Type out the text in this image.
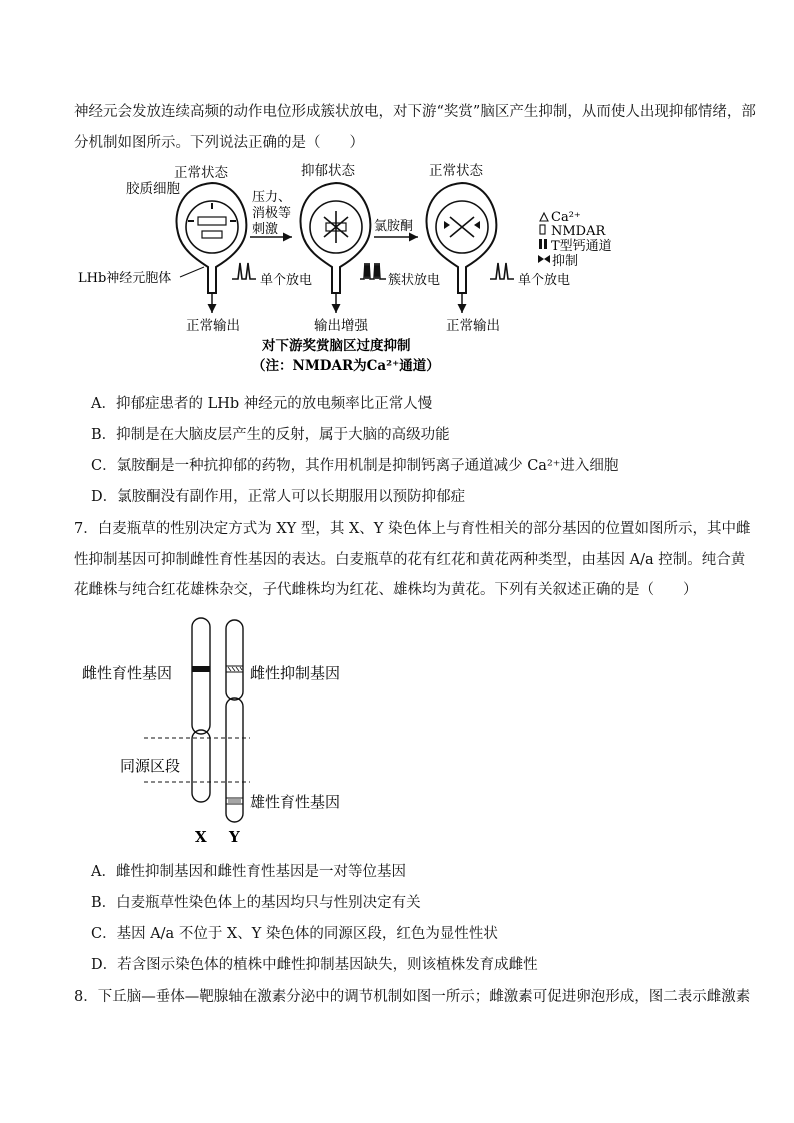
神经元会发放连续高频的动作电位形成簇状放电，对下游“奖赏”脑区产生抑制，从而使人出现抑郁情绪，部
分机制如图所示。下列说法正确的是（　　）
正常状态
胶质细胞
抑郁状态	正常状态
压力、
消极等
刺激	氯胺酮
LHb神经元胞体	单个放电	簇状放电	单个放电
正常输出	输出增强	正常输出
对下游奖赏脑区过度抑制
（注：NMDAR为Ca²⁺通道）
Ca²⁺
NMDAR
T型钙通道
抑制
A．抑郁症患者的 LHb 神经元的放电频率比正常人慢
B．抑制是在大脑皮层产生的反射，属于大脑的高级功能
C．氯胺酮是一种抗抑郁的药物，其作用机制是抑制钙离子通道减少 Ca²⁺进入细胞
D．氯胺酮没有副作用，正常人可以长期服用以预防抑郁症
7．白麦瓶草的性别决定方式为 XY 型，其 X、Y 染色体上与育性相关的部分基因的位置如图所示，其中雌
性抑制基因可抑制雌性育性基因的表达。白麦瓶草的花有红花和黄花两种类型，由基因 A/a 控制。纯合黄
花雌株与纯合红花雄株杂交，子代雌株均为红花、雄株均为黄花。下列有关叙述正确的是（　　）
雌性育性基因	雌性抑制基因
同源区段
雄性育性基因
X Y
A．雌性抑制基因和雌性育性基因是一对等位基因
B．白麦瓶草性染色体上的基因均只与性别决定有关
C．基因 A/a 不位于 X、Y 染色体的同源区段，红色为显性性状
D．若含图示染色体的植株中雌性抑制基因缺失，则该植株发育成雌性
8．下丘脑—垂体—靶腺轴在激素分泌中的调节机制如图一所示；雌激素可促进卵泡形成，图二表示雌激素
